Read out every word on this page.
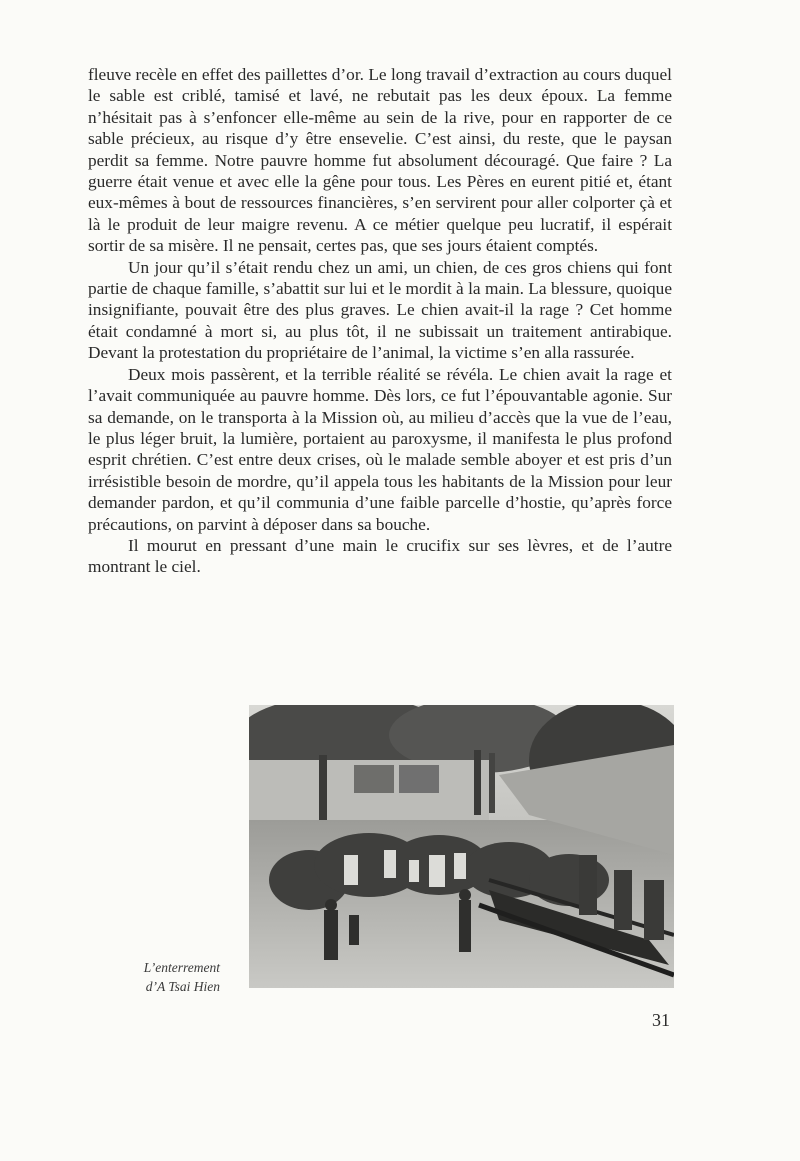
fleuve recèle en effet des paillettes d’or. Le long travail d’extraction au cours duquel le sable est criblé, tamisé et lavé, ne rebutait pas les deux époux. La femme n’hésitait pas à s’enfoncer elle-même au sein de la rive, pour en rapporter de ce sable précieux, au risque d’y être ensevelie. C’est ainsi, du reste, que le paysan perdit sa femme. Notre pauvre homme fut absolument découragé. Que faire ? La guerre était venue et avec elle la gêne pour tous. Les Pères en eurent pitié et, étant eux-mêmes à bout de ressources financières, s’en servirent pour aller colporter çà et là le produit de leur maigre revenu. A ce métier quelque peu lucratif, il espérait sortir de sa misère. Il ne pensait, certes pas, que ses jours étaient comptés.

Un jour qu’il s’était rendu chez un ami, un chien, de ces gros chiens qui font partie de chaque famille, s’abattit sur lui et le mordit à la main. La blessure, quoique insignifiante, pouvait être des plus graves. Le chien avait-il la rage ? Cet homme était condamné à mort si, au plus tôt, il ne subissait un traitement antirabique. Devant la protestation du propriétaire de l’animal, la victime s’en alla rassurée.

Deux mois passèrent, et la terrible réalité se révéla. Le chien avait la rage et l’avait communiquée au pauvre homme. Dès lors, ce fut l’épouvantable agonie. Sur sa demande, on le transporta à la Mission où, au milieu d’accès que la vue de l’eau, le plus léger bruit, la lumière, portaient au paroxysme, il manifesta le plus profond esprit chrétien. C’est entre deux crises, où le malade semble aboyer et est pris d’un irrésistible besoin de mordre, qu’il appela tous les habitants de la Mission pour leur demander pardon, et qu’il communia d’une faible parcelle d’hostie, qu’après force précautions, on parvint à déposer dans sa bouche.

Il mourut en pressant d’une main le crucifix sur ses lèvres, et de l’autre montrant le ciel.

L’enterrement
d’A Tsai Hien
31
